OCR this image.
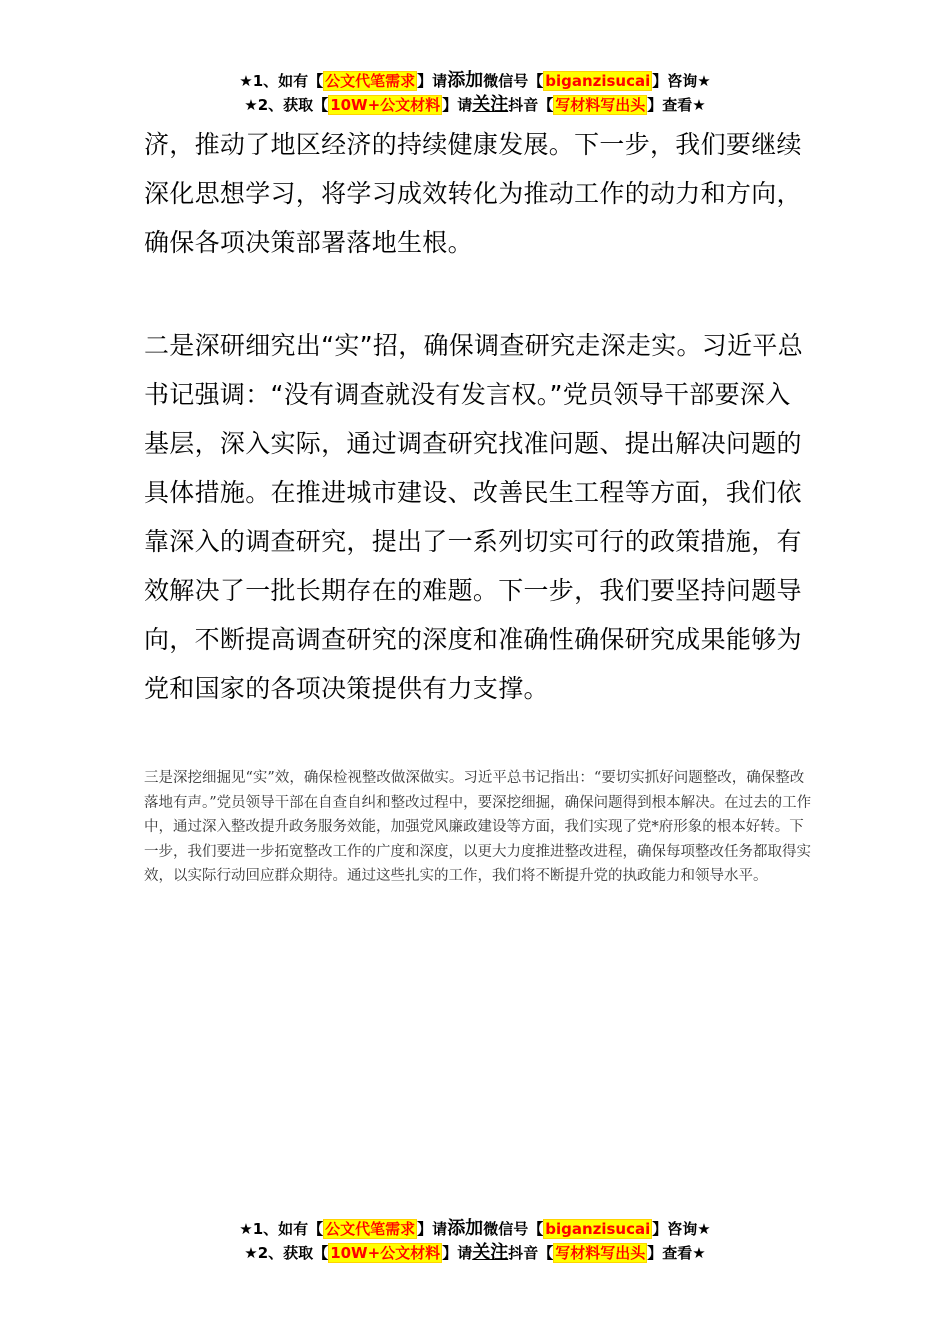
★1、如有【 公文代笔需求 】请添加微信号【 biganzisucai 】咨询★
★2、获取【 10W+公文材料 】请关注抖音【 写材料写出头 】查看★

济，推动了地区经济的持续健康发展。下一步，我们要继续深化思想学习，将学习成效转化为推动工作的动力和方向，确保各项决策部署落地生根。

二是深研细究出“实”招，确保调查研究走深走实。习近平总书记强调：“没有调查就没有发言权。”党员领导干部要深入基层，深入实际，通过调查研究找准问题、提出解决问题的具体措施。在推进城市建设、改善民生工程等方面，我们依靠深入的调查研究，提出了一系列切实可行的政策措施，有效解决了一批长期存在的难题。下一步，我们要坚持问题导向，不断提高调查研究的深度和准确性确保研究成果能够为党和国家的各项决策提供有力支撑。

三是深挖细掘见“实”效，确保检视整改做深做实。习近平总书记指出：“要切实抓好问题整改，确保整改落地有声。”党员领导干部在自查自纠和整改过程中，要深挖细掘，确保问题得到根本解决。在过去的工作中，通过深入整改提升政务服务效能，加强党风廉政建设等方面，我们实现了党*府形象的根本好转。下一步，我们要进一步拓宽整改工作的广度和深度，以更大力度推进整改进程，确保每项整改任务都取得实效，以实际行动回应群众期待。通过这些扎实的工作，我们将不断提升党的执政能力和领导水平。

★1、如有【 公文代笔需求 】请添加微信号【 biganzisucai 】咨询★
★2、获取【 10W+公文材料 】请关注抖音【 写材料写出头 】查看★
